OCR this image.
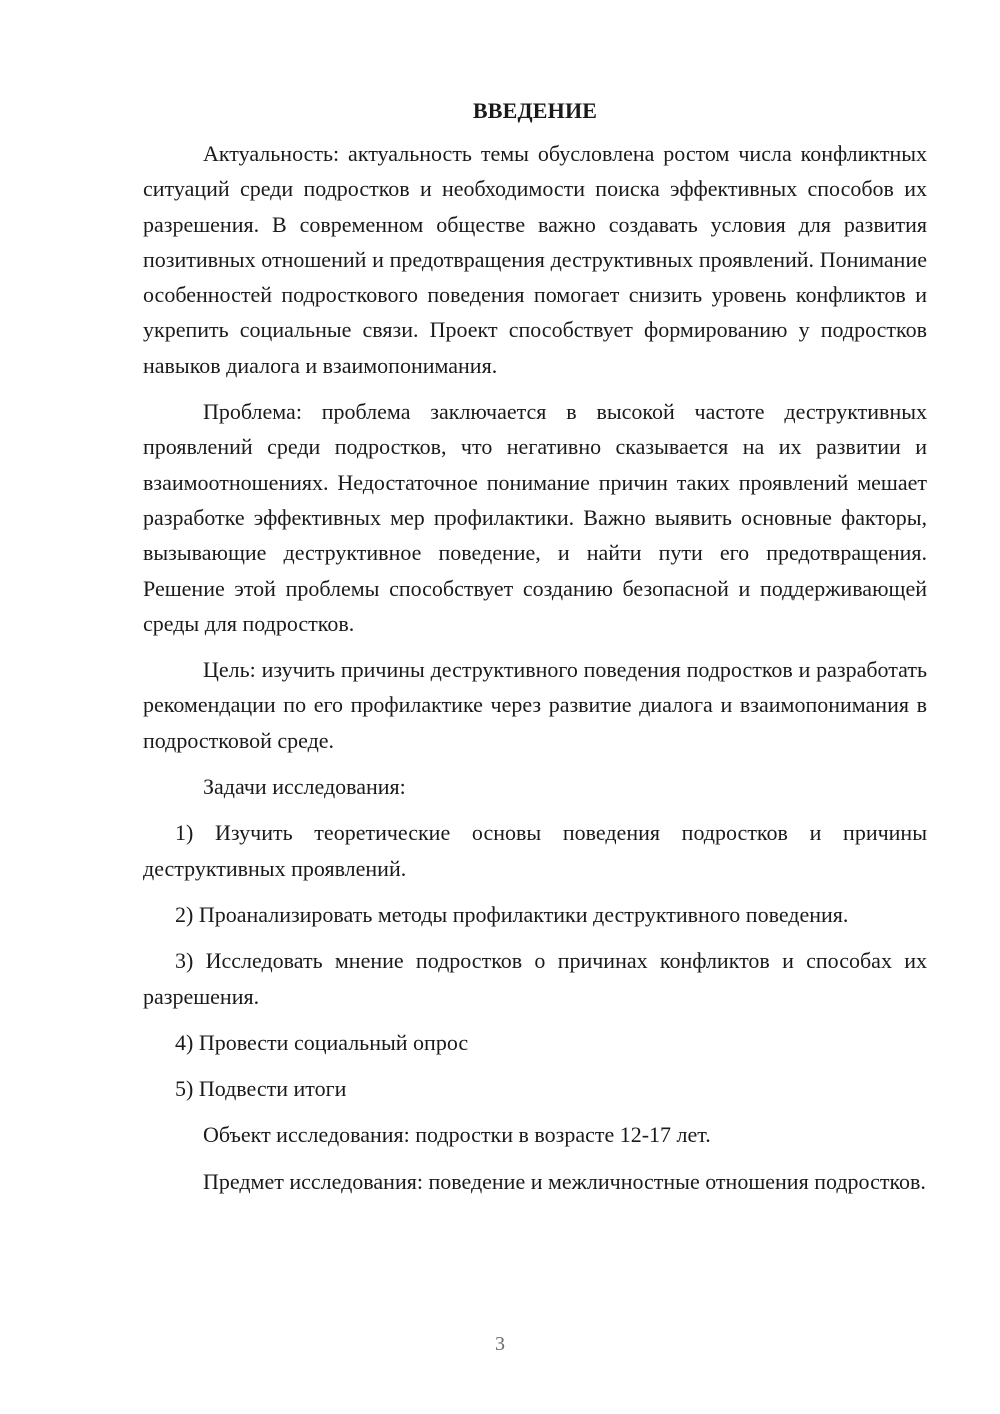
ВВЕДЕНИЕ

Актуальность: актуальность темы обусловлена ростом числа конфликтных ситуаций среди подростков и необходимости поиска эффективных способов их разрешения. В современном обществе важно создавать условия для развития позитивных отношений и предотвращения деструктивных проявлений. Понимание особенностей подросткового поведения помогает снизить уровень конфликтов и укрепить социальные связи. Проект способствует формированию у подростков навыков диалога и взаимопонимания.

Проблема: проблема заключается в высокой частоте деструктивных проявлений среди подростков, что негативно сказывается на их развитии и взаимоотношениях. Недостаточное понимание причин таких проявлений мешает разработке эффективных мер профилактики. Важно выявить основные факторы, вызывающие деструктивное поведение, и найти пути его предотвращения. Решение этой проблемы способствует созданию безопасной и поддерживающей среды для подростков.

Цель: изучить причины деструктивного поведения подростков и разработать рекомендации по его профилактике через развитие диалога и взаимопонимания в подростковой среде.

Задачи исследования:

1) Изучить теоретические основы поведения подростков и причины деструктивных проявлений.

2) Проанализировать методы профилактики деструктивного поведения.

3) Исследовать мнение подростков о причинах конфликтов и способах их разрешения.

4) Провести социальный опрос

5) Подвести итоги

Объект исследования: подростки в возрасте 12-17 лет.

Предмет исследования: поведение и межличностные отношения подростков.

3
